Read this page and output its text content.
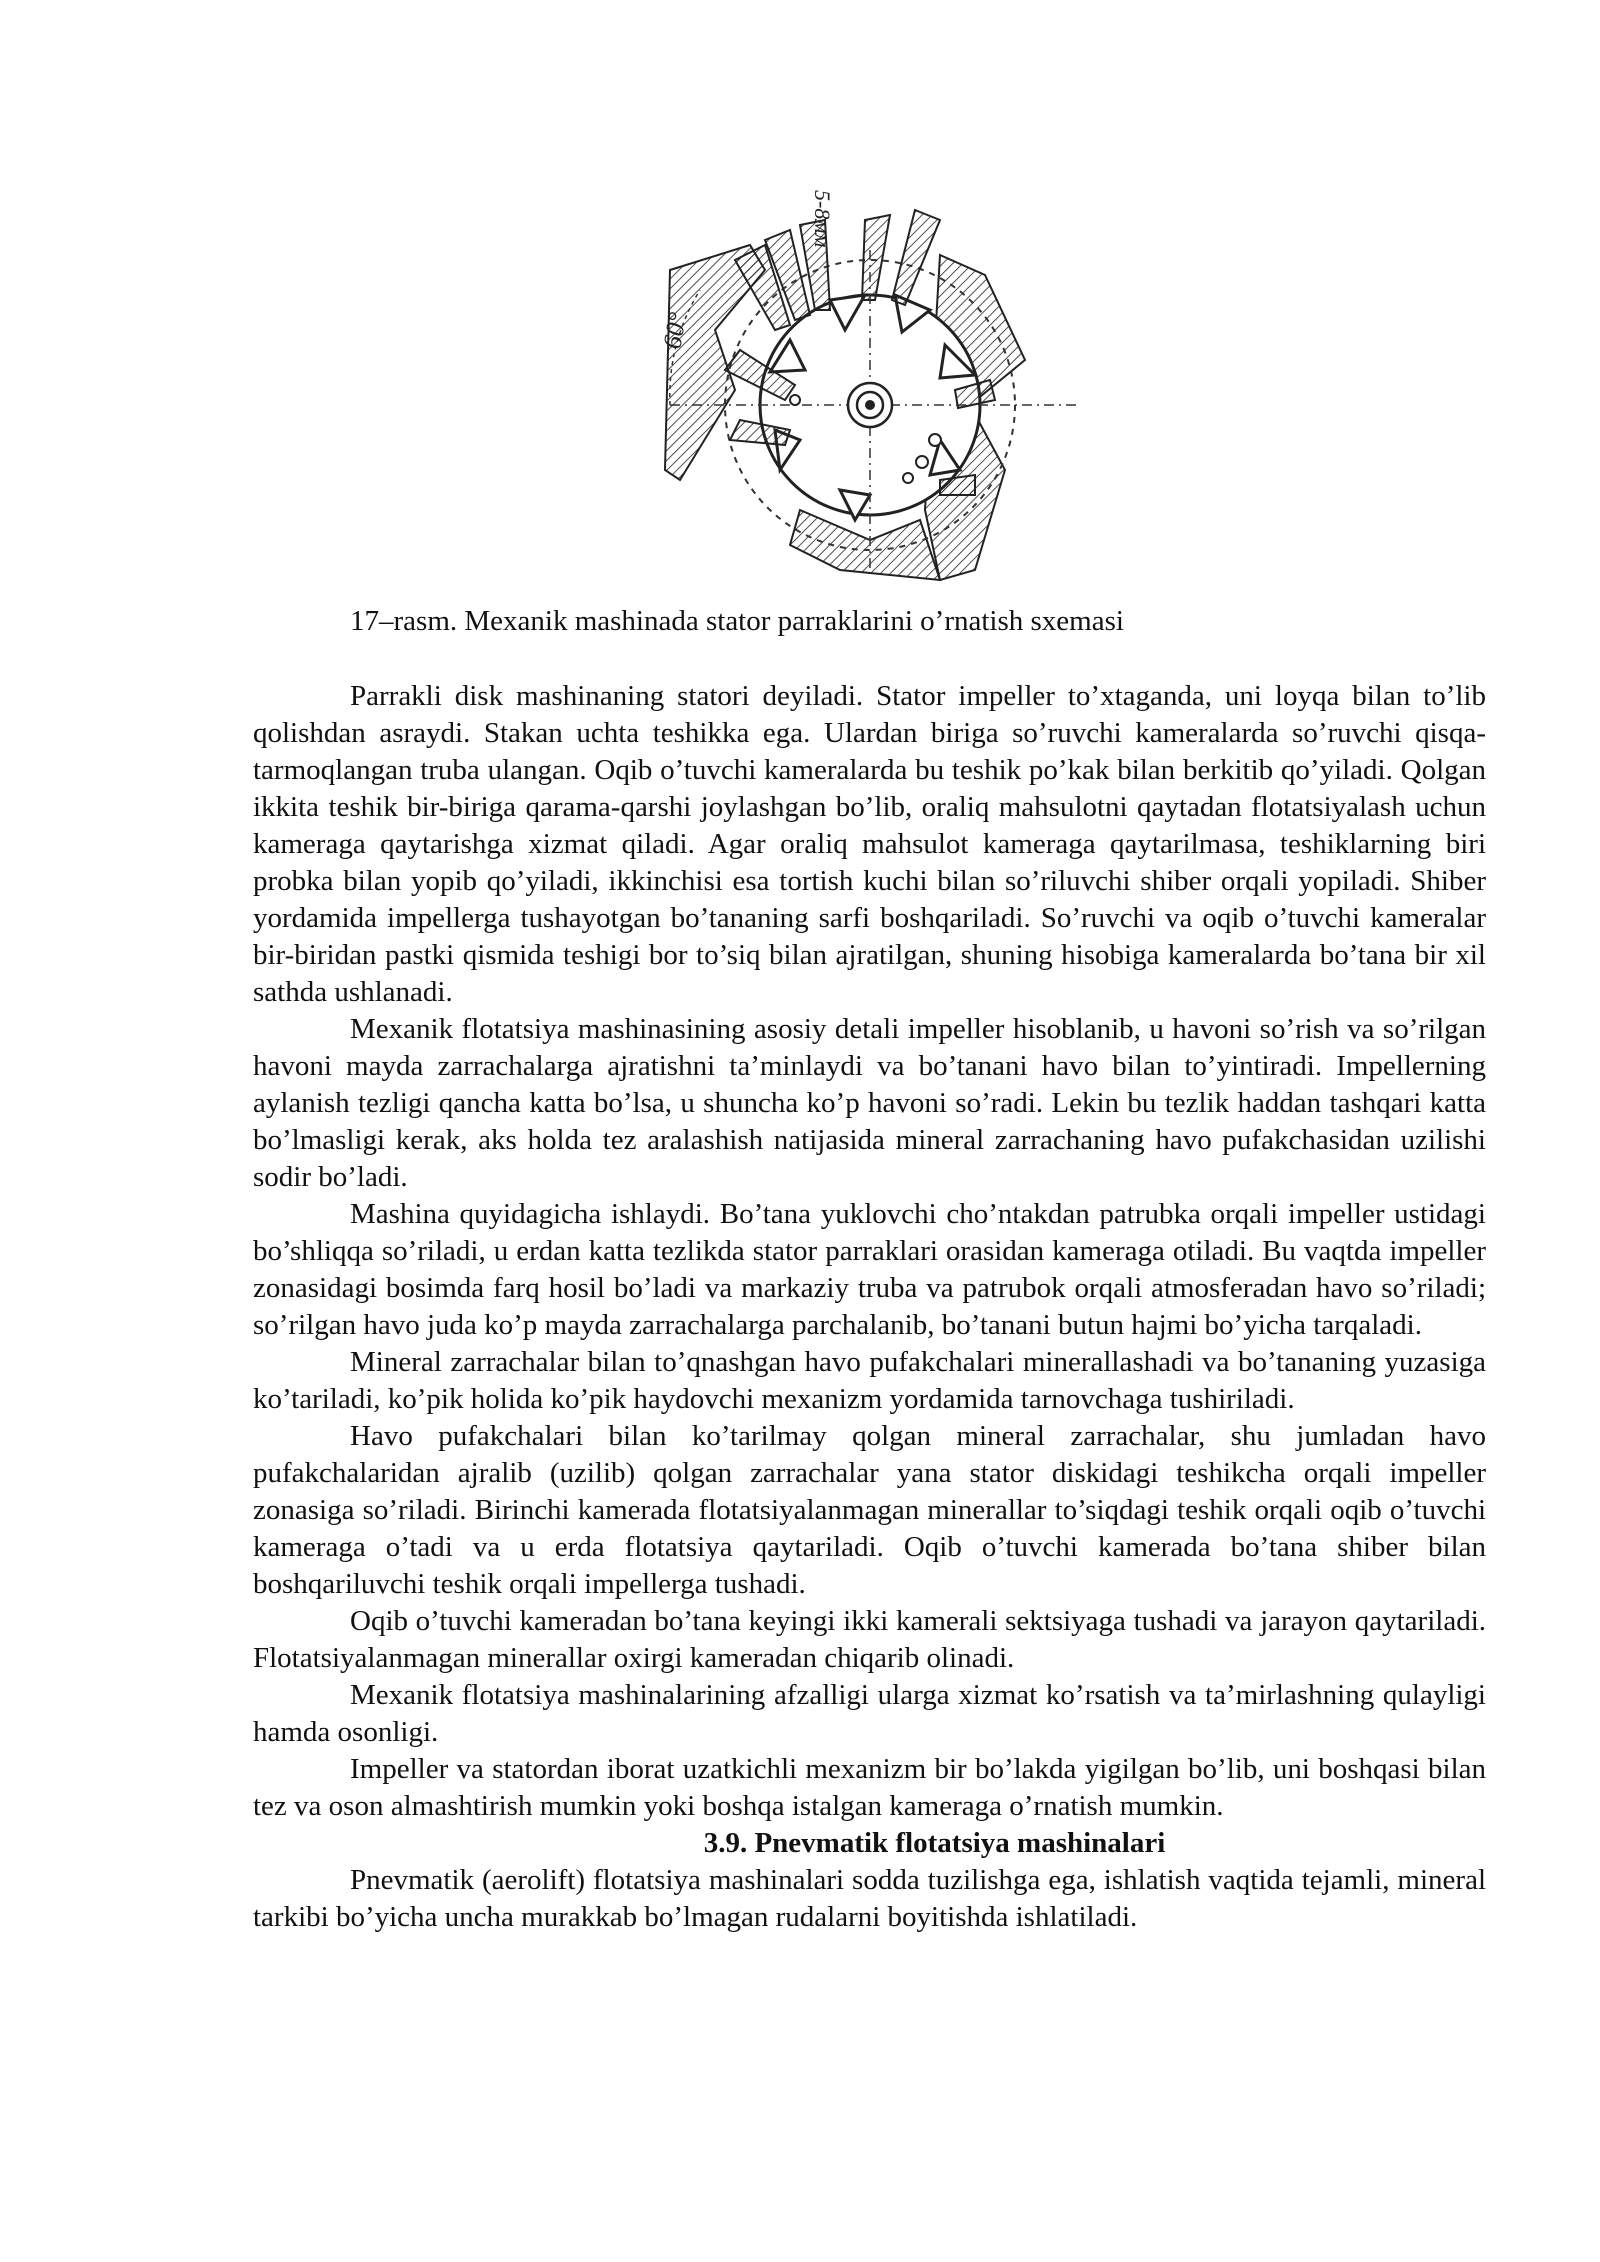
60°
5-8мм
17–rasm. Mexanik mashinada stator parraklarini o’rnatish sxemasi

Parrakli disk mashinaning statori deyiladi. Stator impeller to’xtaganda, uni loyqa bilan to’lib qolishdan asraydi. Stakan uchta teshikka ega. Ulardan biriga so’ruvchi kameralarda so’ruvchi qisqa-tarmoqlangan truba ulangan. Oqib o’tuvchi kameralarda bu teshik po’kak bilan berkitib qo’yiladi. Qolgan ikkita teshik bir-biriga qarama-qarshi joylashgan bo’lib, oraliq mahsulotni qaytadan flotatsiyalash uchun kameraga qaytarishga xizmat qiladi. Agar oraliq mahsulot kameraga qaytarilmasa, teshiklarning biri probka bilan yopib qo’yiladi, ikkinchisi esa tortish kuchi bilan so’riluvchi shiber orqali yopiladi. Shiber yordamida impellerga tushayotgan bo’tananing sarfi boshqariladi. So’ruvchi va oqib o’tuvchi kameralar bir-biridan pastki qismida teshigi bor to’siq bilan ajratilgan, shuning hisobiga kameralarda bo’tana bir xil sathda ushlanadi.

Mexanik flotatsiya mashinasining asosiy detali impeller hisoblanib, u havoni so’rish va so’rilgan havoni mayda zarrachalarga ajratishni ta’minlaydi va bo’tanani havo bilan to’yintiradi. Impellerning aylanish tezligi qancha katta bo’lsa, u shuncha ko’p havoni so’radi. Lekin bu tezlik haddan tashqari katta bo’lmasligi kerak, aks holda tez aralashish natijasida mineral zarrachaning havo pufakchasidan uzilishi sodir bo’ladi.

Mashina quyidagicha ishlaydi. Bo’tana yuklovchi cho’ntakdan patrubka orqali impeller ustidagi bo’shliqqa so’riladi, u erdan katta tezlikda stator parraklari orasidan kameraga otiladi. Bu vaqtda impeller zonasidagi bosimda farq hosil bo’ladi va markaziy truba va patrubok orqali atmosferadan havo so’riladi; so’rilgan havo juda ko’p mayda zarrachalarga parchalanib, bo’tanani butun hajmi bo’yicha tarqaladi.

Mineral zarrachalar bilan to’qnashgan havo pufakchalari minerallashadi va bo’tananing yuzasiga ko’tariladi, ko’pik holida ko’pik haydovchi mexanizm yordamida tarnovchaga tushiriladi.

Havo pufakchalari bilan ko’tarilmay qolgan mineral zarrachalar, shu jumladan havo pufakchalaridan ajralib (uzilib) qolgan zarrachalar yana stator diskidagi teshikcha orqali impeller zonasiga so’riladi. Birinchi kamerada flotatsiyalanmagan minerallar to’siqdagi teshik orqali oqib o’tuvchi kameraga o’tadi va u erda flotatsiya qaytariladi. Oqib o’tuvchi kamerada bo’tana shiber bilan boshqariluvchi teshik orqali impellerga tushadi.

Oqib o’tuvchi kameradan bo’tana keyingi ikki kamerali sektsiyaga tushadi va jarayon qaytariladi. Flotatsiyalanmagan minerallar oxirgi kameradan chiqarib olinadi.

Mexanik flotatsiya mashinalarining afzalligi ularga xizmat ko’rsatish va ta’mirlashning qulayligi hamda osonligi.

Impeller va statordan iborat uzatkichli mexanizm bir bo’lakda yigilgan bo’lib, uni boshqasi bilan tez va oson almashtirish mumkin yoki boshqa istalgan kameraga o’rnatish mumkin.

3.9. Pnevmatik flotatsiya mashinalari

Pnevmatik (aerolift) flotatsiya mashinalari sodda tuzilishga ega, ishlatish vaqtida tejamli, mineral tarkibi bo’yicha uncha murakkab bo’lmagan rudalarni boyitishda ishlatiladi.
